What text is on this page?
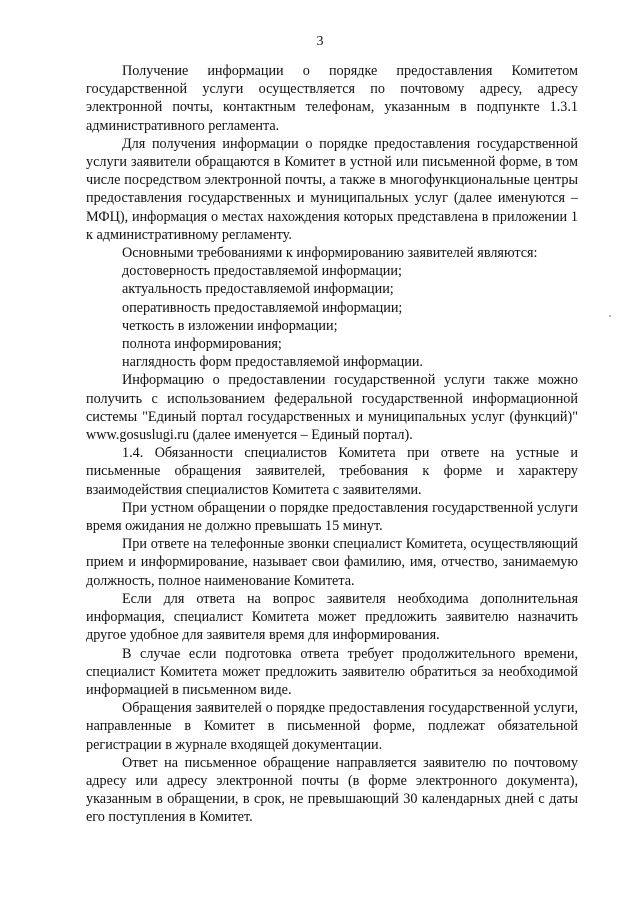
3

Получение информации о порядке предоставления Комитетом государственной услуги осуществляется по почтовому адресу, адресу электронной почты, контактным телефонам, указанным в подпункте 1.3.1 административного регламента.

Для получения информации о порядке предоставления государственной услуги заявители обращаются в Комитет в устной или письменной форме, в том числе посредством электронной почты, а также в многофункциональные центры предоставления государственных и муниципальных услуг (далее именуются – МФЦ), информация о местах нахождения которых представлена в приложении 1 к административному регламенту.

Основными требованиями к информированию заявителей являются:

достоверность предоставляемой информации;

актуальность предоставляемой информации;

оперативность предоставляемой информации;

четкость в изложении информации;

полнота информирования;

наглядность форм предоставляемой информации.

Информацию о предоставлении государственной услуги также можно получить с использованием федеральной государственной информационной системы "Единый портал государственных и муниципальных услуг (функций)" www.gosuslugi.ru (далее именуется – Единый портал).

1.4. Обязанности специалистов Комитета при ответе на устные и письменные обращения заявителей, требования к форме и характеру взаимодействия специалистов Комитета с заявителями.

При устном обращении о порядке предоставления государственной услуги время ожидания не должно превышать 15 минут.

При ответе на телефонные звонки специалист Комитета, осуществляющий прием и информирование, называет свои фамилию, имя, отчество, занимаемую должность, полное наименование Комитета.

Если для ответа на вопрос заявителя необходима дополнительная информация, специалист Комитета может предложить заявителю назначить другое удобное для заявителя время для информирования.

В случае если подготовка ответа требует продолжительного времени, специалист Комитета может предложить заявителю обратиться за необходимой информацией в письменном виде.

Обращения заявителей о порядке предоставления государственной услуги, направленные в Комитет в письменной форме, подлежат обязательной регистрации в журнале входящей документации.

Ответ на письменное обращение направляется заявителю по почтовому адресу или адресу электронной почты (в форме электронного документа), указанным в обращении, в срок, не превышающий 30 календарных дней с даты его поступления в Комитет.
